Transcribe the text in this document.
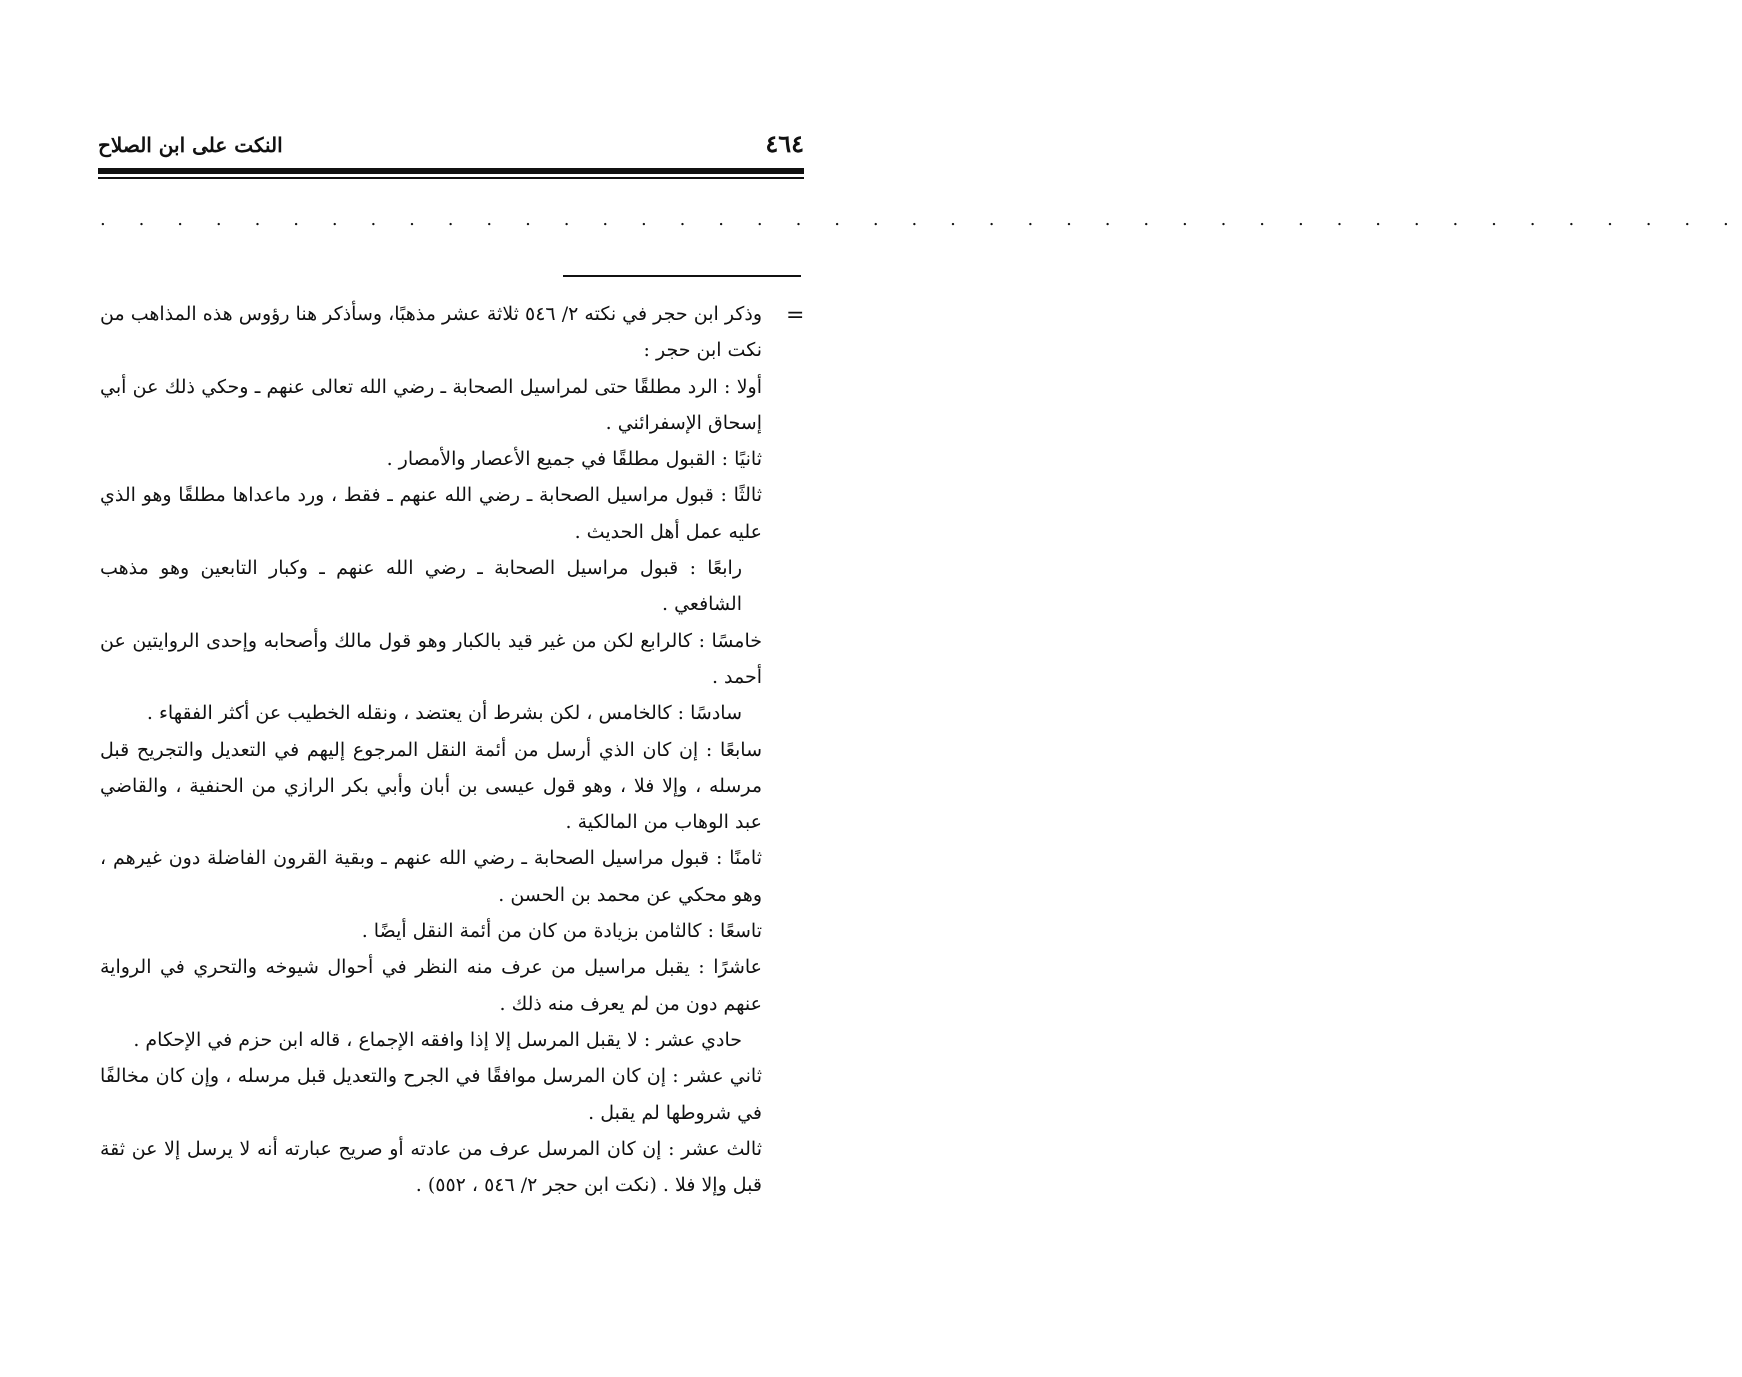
٤٦٤
النكت على ابن الصلاح
. . . . . . . . . . . . . . . . . . . . . . . . . . . . . . . . . . . . . . . . . . .
=

وذكر ابن حجر في نكته ٢/ ٥٤٦ ثلاثة عشر مذهبًا، وسأذكر هنا رؤوس هذه المذاهب من نكت ابن حجر :

أولا : الرد مطلقًا حتى لمراسيل الصحابة ـ رضي الله تعالى عنهم ـ وحكي ذلك عن أبي إسحاق الإسفرائني .

ثانيًا : القبول مطلقًا في جميع الأعصار والأمصار .

ثالثًا : قبول مراسيل الصحابة ـ رضي الله عنهم ـ فقط ، ورد ماعداها مطلقًا وهو الذي عليه عمل أهل الحديث .

رابعًا : قبول مراسيل الصحابة ـ رضي الله عنهم ـ وكبار التابعين وهو مذهب الشافعي .

خامسًا : كالرابع لكن من غير قيد بالكبار وهو قول مالك وأصحابه وإحدى الروايتين عن أحمد .

سادسًا : كالخامس ، لكن بشرط أن يعتضد ، ونقله الخطيب عن أكثر الفقهاء .

سابعًا : إن كان الذي أرسل من أئمة النقل المرجوع إليهم في التعديل والتجريح قبل مرسله ، وإلا فلا ، وهو قول عيسى بن أبان وأبي بكر الرازي من الحنفية ، والقاضي عبد الوهاب من المالكية .

ثامنًا : قبول مراسيل الصحابة ـ رضي الله عنهم ـ وبقية القرون الفاضلة دون غيرهم ، وهو محكي عن محمد بن الحسن .

تاسعًا : كالثامن بزيادة من كان من أئمة النقل أيضًا .

عاشرًا : يقبل مراسيل من عرف منه النظر في أحوال شيوخه والتحري في الرواية عنهم دون من لم يعرف منه ذلك .

حادي عشر : لا يقبل المرسل إلا إذا وافقه الإجماع ، قاله ابن حزم في الإحكام .

ثاني عشر : إن كان المرسل موافقًا في الجرح والتعديل قبل مرسله ، وإن كان مخالفًا في شروطها لم يقبل .

ثالث عشر : إن كان المرسل عرف من عادته أو صريح عبارته أنه لا يرسل إلا عن ثقة قبل وإلا فلا . (نكت ابن حجر ٢/ ٥٤٦ ، ٥٥٢) .
